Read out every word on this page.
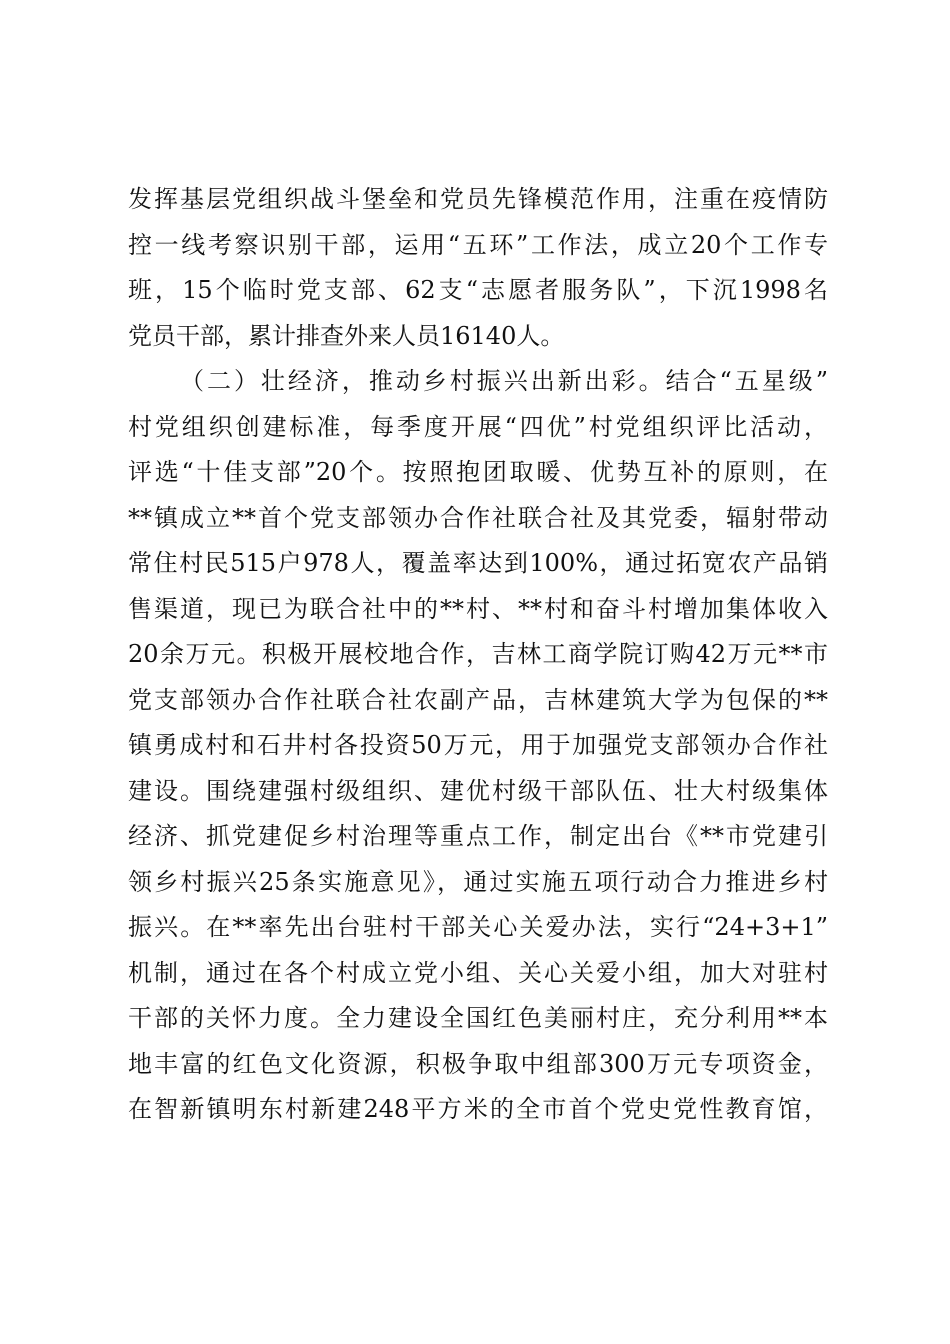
发挥基层党组织战斗堡垒和党员先锋模范作用，注重在疫情防
控一线考察识别干部，运用“五环”工作法，成立20个工作专
班，15个临时党支部、62支“志愿者服务队”，下沉1998名
党员干部，累计排查外来人员16140人。
（二）壮经济，推动乡村振兴出新出彩。结合“五星级”
村党组织创建标准，每季度开展“四优”村党组织评比活动，
评选“十佳支部”20个。按照抱团取暖、优势互补的原则，在
**镇成立**首个党支部领办合作社联合社及其党委，辐射带动
常住村民515户978人，覆盖率达到100%，通过拓宽农产品销
售渠道，现已为联合社中的**村、**村和奋斗村增加集体收入
20余万元。积极开展校地合作，吉林工商学院订购42万元**市
党支部领办合作社联合社农副产品，吉林建筑大学为包保的**
镇勇成村和石井村各投资50万元，用于加强党支部领办合作社
建设。围绕建强村级组织、建优村级干部队伍、壮大村级集体
经济、抓党建促乡村治理等重点工作，制定出台《**市党建引
领乡村振兴25条实施意见》，通过实施五项行动合力推进乡村
振兴。在**率先出台驻村干部关心关爱办法，实行“24+3+1”
机制，通过在各个村成立党小组、关心关爱小组，加大对驻村
干部的关怀力度。全力建设全国红色美丽村庄，充分利用**本
地丰富的红色文化资源，积极争取中组部300万元专项资金，
在智新镇明东村新建248平方米的全市首个党史党性教育馆，
